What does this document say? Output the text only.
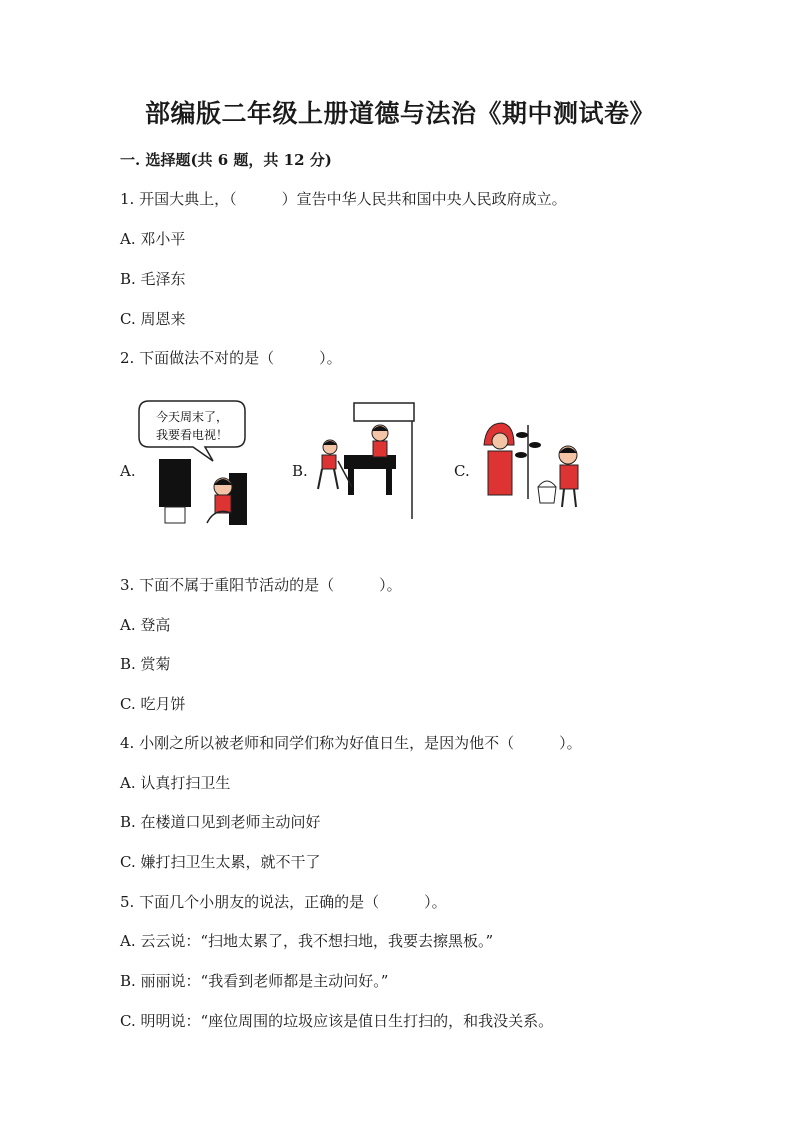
部编版二年级上册道德与法治《期中测试卷》
一. 选择题(共 6 题，共 12 分)
1. 开国大典上，（　　　）宣告中华人民共和国中央人民政府成立。
A. 邓小平
B. 毛泽东
C. 周恩来
2. 下面做法不对的是（　　　）。
A.	B.	C.
今天周末了，
我要看电视！
3. 下面不属于重阳节活动的是（　　　）。
A. 登高
B. 赏菊
C. 吃月饼
4. 小刚之所以被老师和同学们称为好值日生，是因为他不（　　　）。
A. 认真打扫卫生
B. 在楼道口见到老师主动问好
C. 嫌打扫卫生太累，就不干了
5. 下面几个小朋友的说法，正确的是（　　　）。
A. 云云说：“扫地太累了，我不想扫地，我要去擦黑板。”
B. 丽丽说：“我看到老师都是主动问好。”
C. 明明说：“座位周围的垃圾应该是值日生打扫的，和我没关系。
